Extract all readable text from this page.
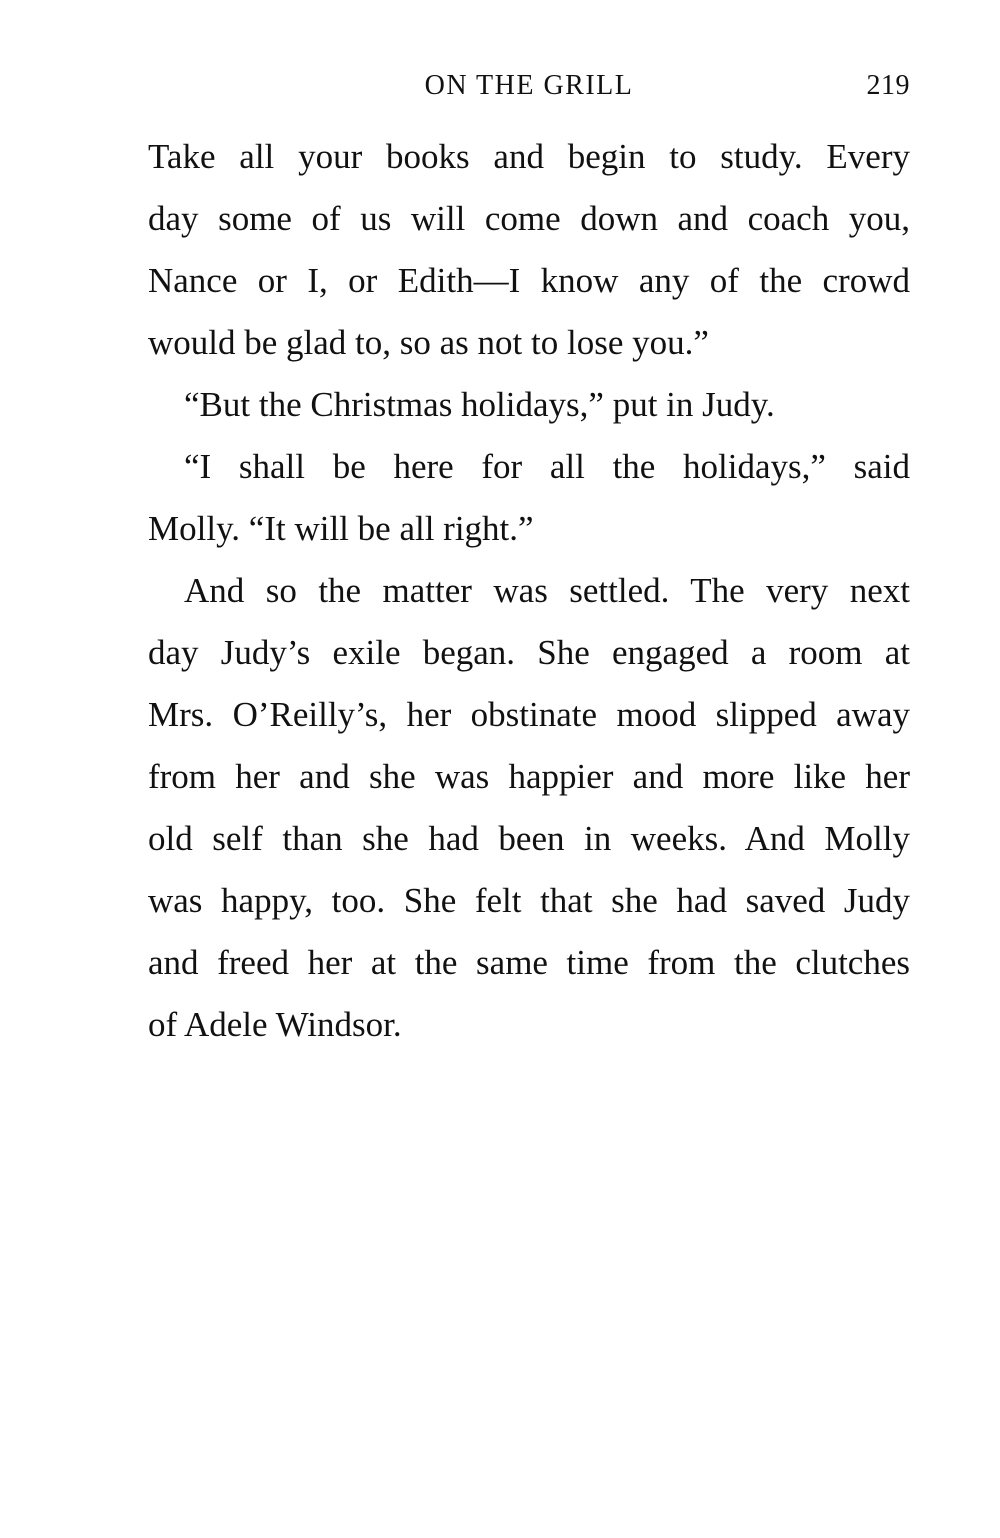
ON THE GRILL	219
Take all your books and begin to study. Every
day some of us will come down and coach you,
Nance or I, or Edith—I know any of the crowd
would be glad to, so as not to lose you.”
“But the Christmas holidays,” put in Judy.
“I shall be here for all the holidays,” said
Molly. “It will be all right.”
And so the matter was settled. The very next
day Judy’s exile began. She engaged a room at
Mrs. O’Reilly’s, her obstinate mood slipped away
from her and she was happier and more like her
old self than she had been in weeks. And Molly
was happy, too. She felt that she had saved Judy
and freed her at the same time from the clutches
of Adele Windsor.
